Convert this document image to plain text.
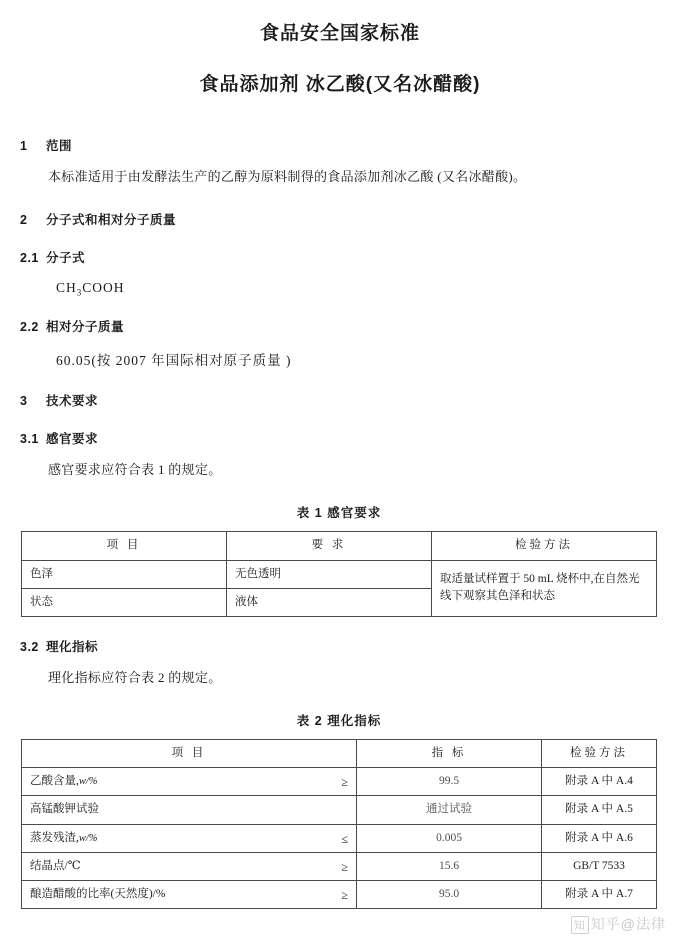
食品安全国家标准
食品添加剂 冰乙酸(又名冰醋酸)
1 范围

本标准适用于由发酵法生产的乙醇为原料制得的食品添加剂冰乙酸 (又名冰醋酸)。

2 分子式和相对分子质量
2.1 分子式
$CH_3COOH$
2.2 相对分子质量
60.05(按 2007 年国际相对原子质量 )
3 技术要求
3.1 感官要求

感官要求应符合表 1 的规定。

表 1 感官要求
项 目	要 求	检验方法
色泽	无色透明	取适量试样置于 50 mL 烧杯中,在自然光线下观察其色泽和状态
状态	液体	
3.2 理化指标

理化指标应符合表 2 的规定。

表 2 理化指标
项 目	指 标	检验方法
乙酸含量,w/% ≥	99.5	附录 A 中 A.4
高锰酸钾试验	通过试验	附录 A 中 A.5
蒸发残渣,w/% ≤	0.005	附录 A 中 A.6
结晶点/℃ ≥	15.6	GB/T 7533
酿造醋酸的比率(天然度)/% ≥	95.0	附录 A 中 A.7
知 知乎@法律
